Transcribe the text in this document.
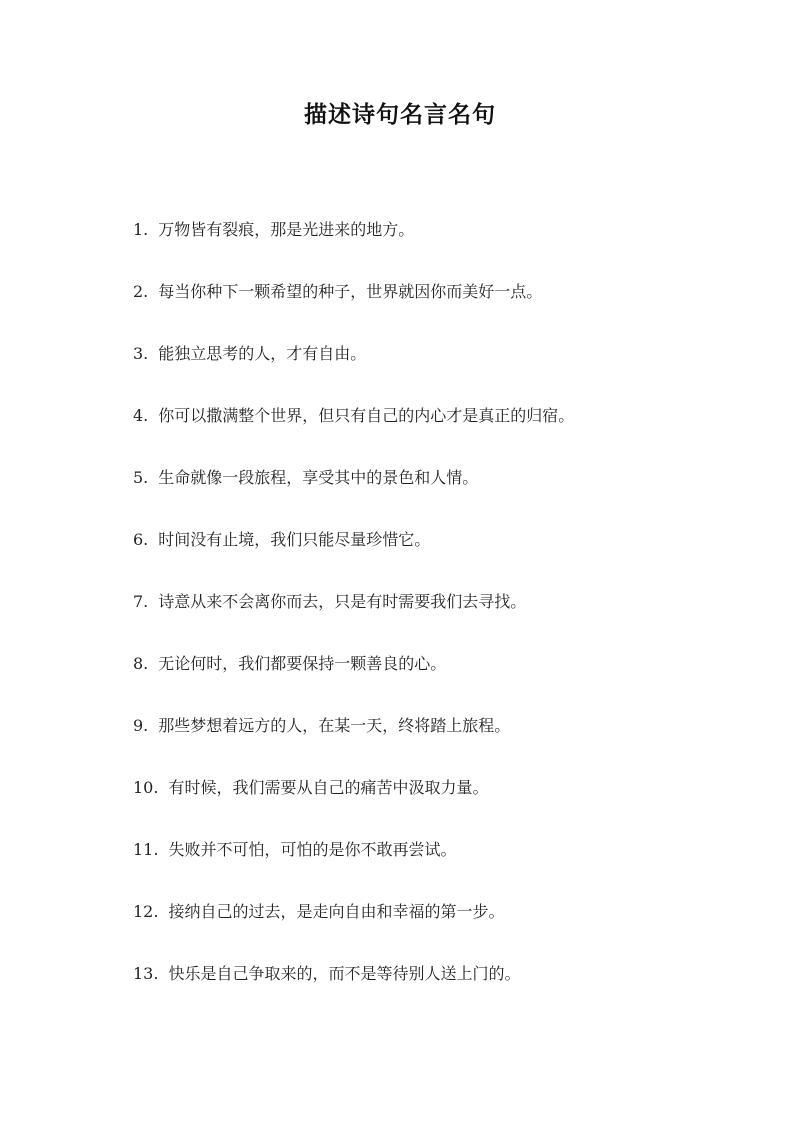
描述诗句名言名句
1. 万物皆有裂痕，那是光进来的地方。
2. 每当你种下一颗希望的种子，世界就因你而美好一点。
3. 能独立思考的人，才有自由。
4. 你可以撒满整个世界，但只有自己的内心才是真正的归宿。
5. 生命就像一段旅程，享受其中的景色和人情。
6. 时间没有止境，我们只能尽量珍惜它。
7. 诗意从来不会离你而去，只是有时需要我们去寻找。
8. 无论何时，我们都要保持一颗善良的心。
9. 那些梦想着远方的人，在某一天，终将踏上旅程。
10. 有时候，我们需要从自己的痛苦中汲取力量。
11. 失败并不可怕，可怕的是你不敢再尝试。
12. 接纳自己的过去，是走向自由和幸福的第一步。
13. 快乐是自己争取来的，而不是等待别人送上门的。
